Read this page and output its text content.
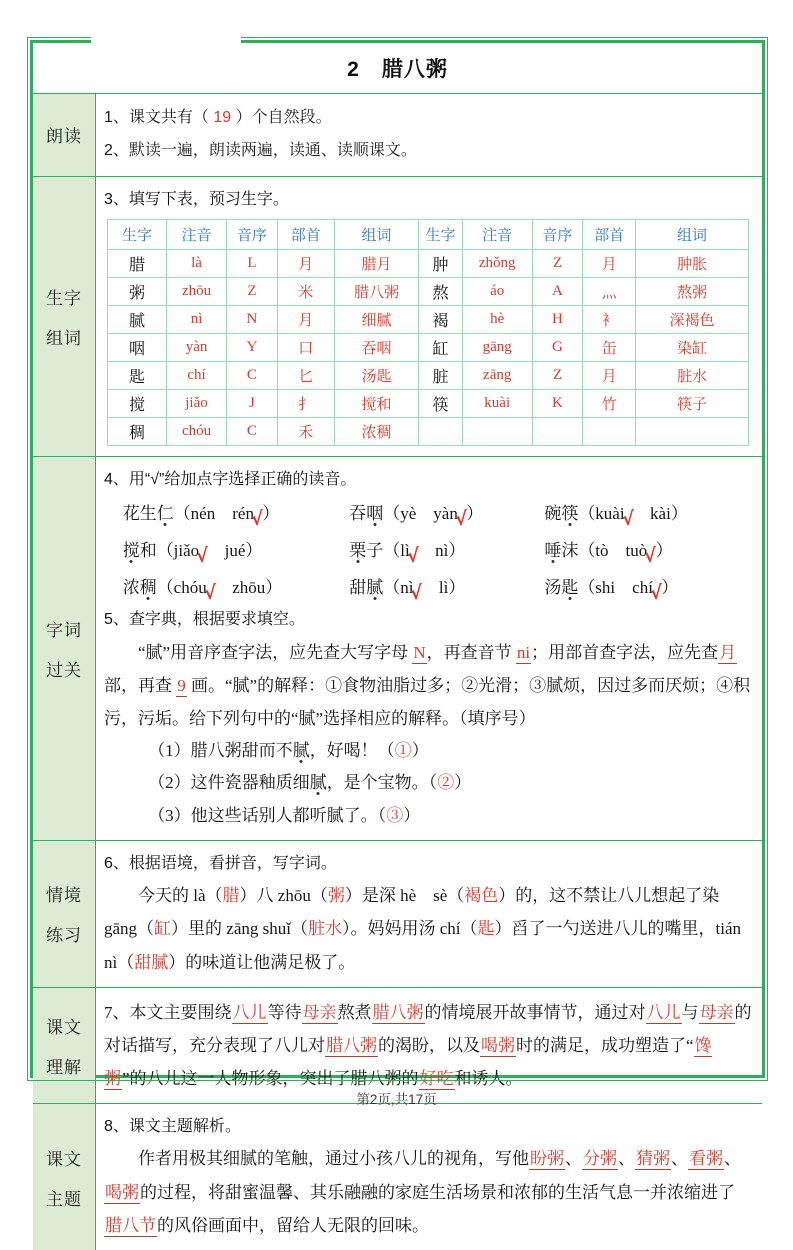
2　腊八粥
朗读
1、课文共有（ 19 ）个自然段。
2、默读一遍，朗读两遍，读通、读顺课文。
生字
组词
3、填写下表，预习生字。
生字	注音	音序	部首	组词	生字	注音	音序	部首	组词
腊	là	L	月	腊月	肿	zhǒng	Z	月	肿胀
粥	zhōu	Z	米	腊八粥	熬	áo	A	灬	熬粥
腻	nì	N	月	细腻	褐	hè	H	衤	深褐色
咽	yàn	Y	口	吞咽	缸	gāng	G	缶	染缸
匙	chí	C	匕	汤匙	脏	zāng	Z	月	脏水
搅	jiǎo	J	扌	搅和	筷	kuài	K	竹	筷子
稠	chóu	C	禾	浓稠					
字词
过关
4、用“√”给加点字选择正确的读音。
花生仁（nén　rén√）	吞咽（yè　yàn√）	碗筷（kuài√　kài）
搅和（jiǎo√　jué）	栗子（lì√　nì）	唾沫（tò　tuò√）
浓稠（chóu√　zhōu）	甜腻（nì√　lì）	汤匙（shi　chí√）
5、查字典，根据要求填空。
“腻”用音序查字法，应先查大写字母 N，再查音节 ni；用部首查字法，应先查月部，再查 9 画。“腻”的解释：①食物油脂过多；②光滑；③腻烦，因过多而厌烦；④积污，污垢。给下列句中的“腻”选择相应的解释。（填序号）
（1）腊八粥甜而不腻，好喝！（①）
（2）这件瓷器釉质细腻，是个宝物。（②）
（3）他这些话别人都听腻了。（③）
情境
练习
6、根据语境，看拼音，写字词。
今天的 là（腊）八 zhōu（粥）是深 hè　sè（褐色）的，这不禁让八儿想起了染 gāng（缸）里的 zāng shuǐ（脏水）。妈妈用汤 chí（匙）舀了一勺送进八儿的嘴里，tián nì（甜腻）的味道让他满足极了。
课文
理解
7、本文主要围绕八儿等待母亲熬煮腊八粥的情境展开故事情节，通过对八儿与母亲的对话描写，充分表现了八儿对腊八粥的渴盼，以及喝粥时的满足，成功塑造了“馋粥”的八儿这一人物形象，突出了腊八粥的好吃和诱人。
课文
主题
8、课文主题解析。
作者用极其细腻的笔触，通过小孩八儿的视角，写他盼粥、分粥、猜粥、看粥、喝粥的过程，将甜蜜温馨、其乐融融的家庭生活场景和浓郁的生活气息一并浓缩进了腊八节的风俗画面中，留给人无限的回味。
第2页,共17页
